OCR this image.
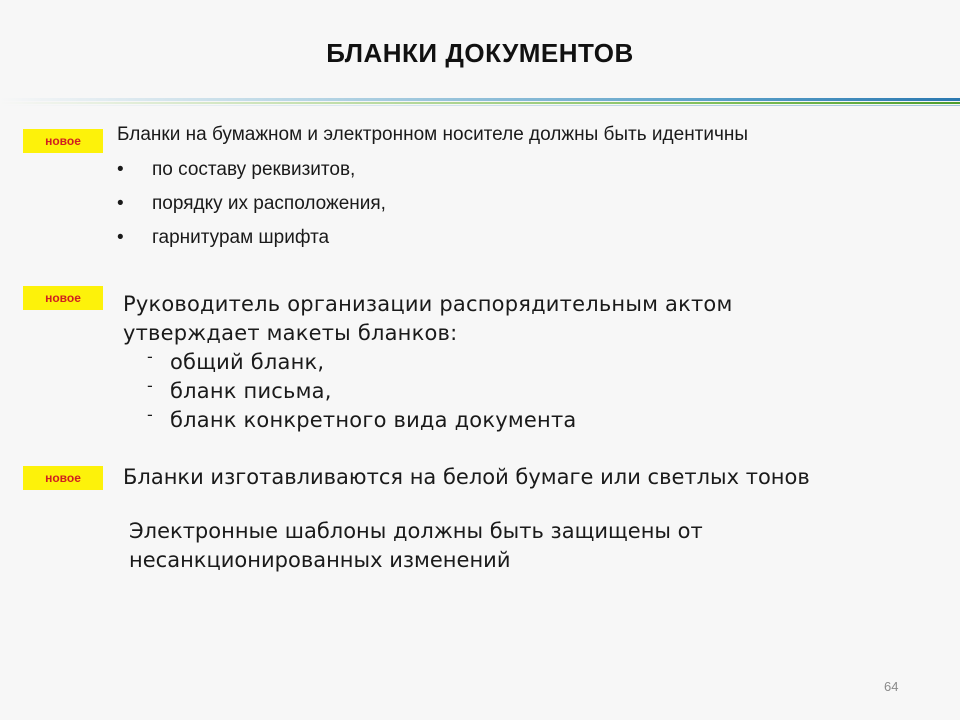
БЛАНКИ ДОКУМЕНТОВ
новое	Бланки на бумажном и электронном носителе должны быть идентичны
• по составу реквизитов,
• порядку их расположения,
• гарнитурам шрифта
новое	Руководитель организации распорядительным актом
утверждает макеты бланков:
- общий бланк,
- бланк письма,
- бланк конкретного вида документа
новое	Бланки изготавливаются на белой бумаге или светлых тонов
Электронные шаблоны должны быть защищены от
несанкционированных изменений
64
